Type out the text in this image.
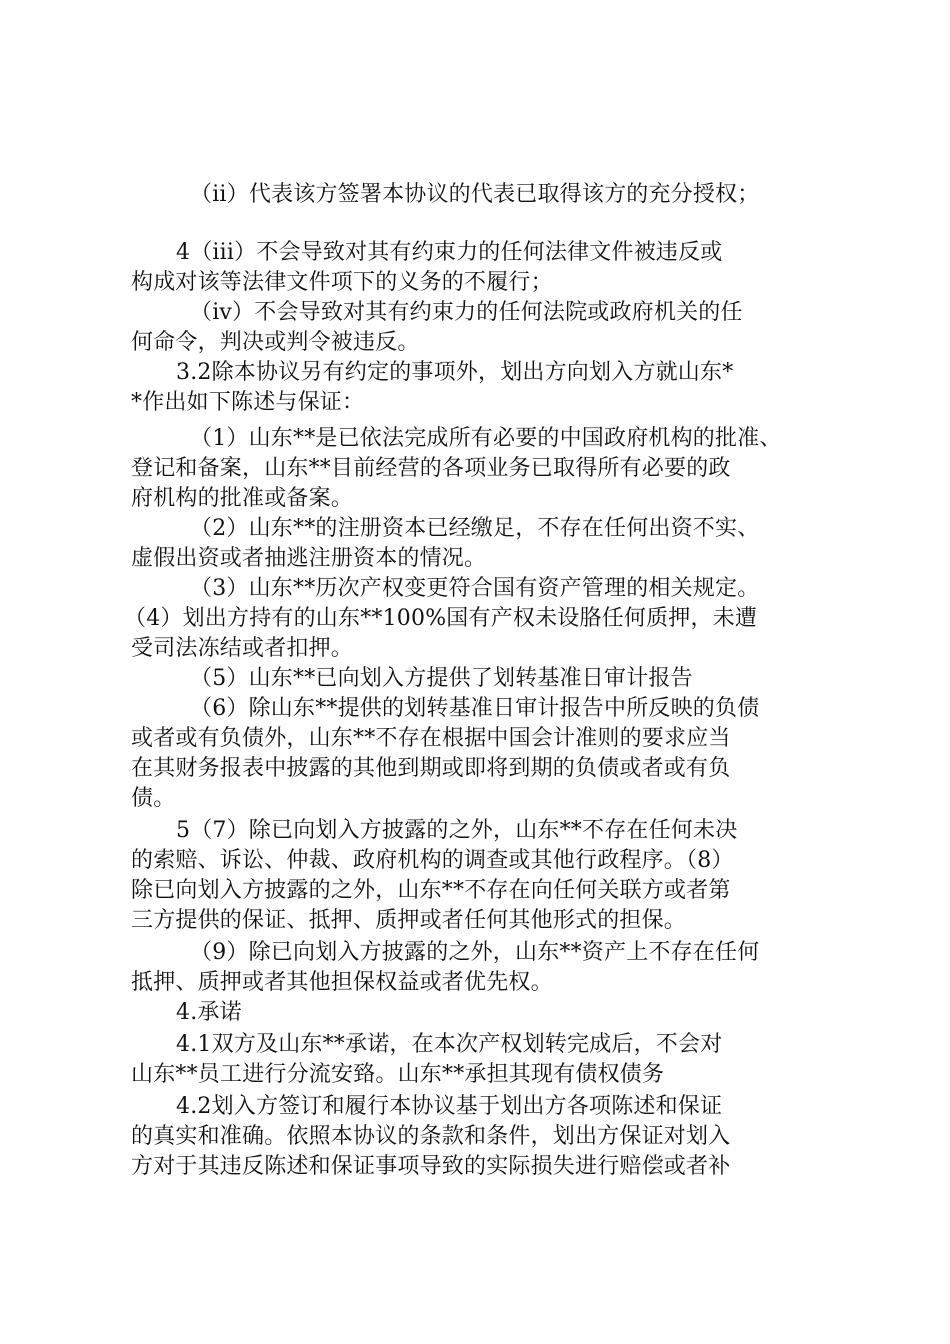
（ii）代表该方签署本协议的代表已取得该方的充分授权；
4（iii）不会导致对其有约束力的任何法律文件被违反或
构成对该等法律文件项下的义务的不履行；
（iv）不会导致对其有约束力的任何法院或政府机关的任
何命令，判决或判令被违反。
3.2除本协议另有约定的事项外，划出方向划入方就山东*
*作出如下陈述与保证：
（1）山东**是已依法完成所有必要的中国政府机构的批准、
登记和备案，山东**目前经营的各项业务已取得所有必要的政
府机构的批准或备案。
（2）山东**的注册资本已经缴足，不存在任何出资不实、
虚假出资或者抽逃注册资本的情况。
（3）山东**历次产权变更符合国有资产管理的相关规定。
（4）划出方持有的山东**100%国有产权未设胳任何质押，未遭
受司法冻结或者扣押。
（5）山东**已向划入方提供了划转基准日审计报告
（6）除山东**提供的划转基准日审计报告中所反映的负债
或者或有负债外，山东**不存在根据中国会计准则的要求应当
在其财务报表中披露的其他到期或即将到期的负债或者或有负
债。
5（7）除已向划入方披露的之外，山东**不存在任何未决
的索赔、诉讼、仲裁、政府机构的调查或其他行政程序。（8）
除已向划入方披露的之外，山东**不存在向任何关联方或者第
三方提供的保证、抵押、质押或者任何其他形式的担保。
（9）除已向划入方披露的之外，山东**资产上不存在任何
抵押、质押或者其他担保权益或者优先权。
4.承诺
4.1双方及山东**承诺，在本次产权划转完成后，不会对
山东**员工进行分流安臵。山东**承担其现有债权债务
4.2划入方签订和履行本协议基于划出方各项陈述和保证
的真实和准确。依照本协议的条款和条件，划出方保证对划入
方对于其违反陈述和保证事项导致的实际损失进行赔偿或者补
